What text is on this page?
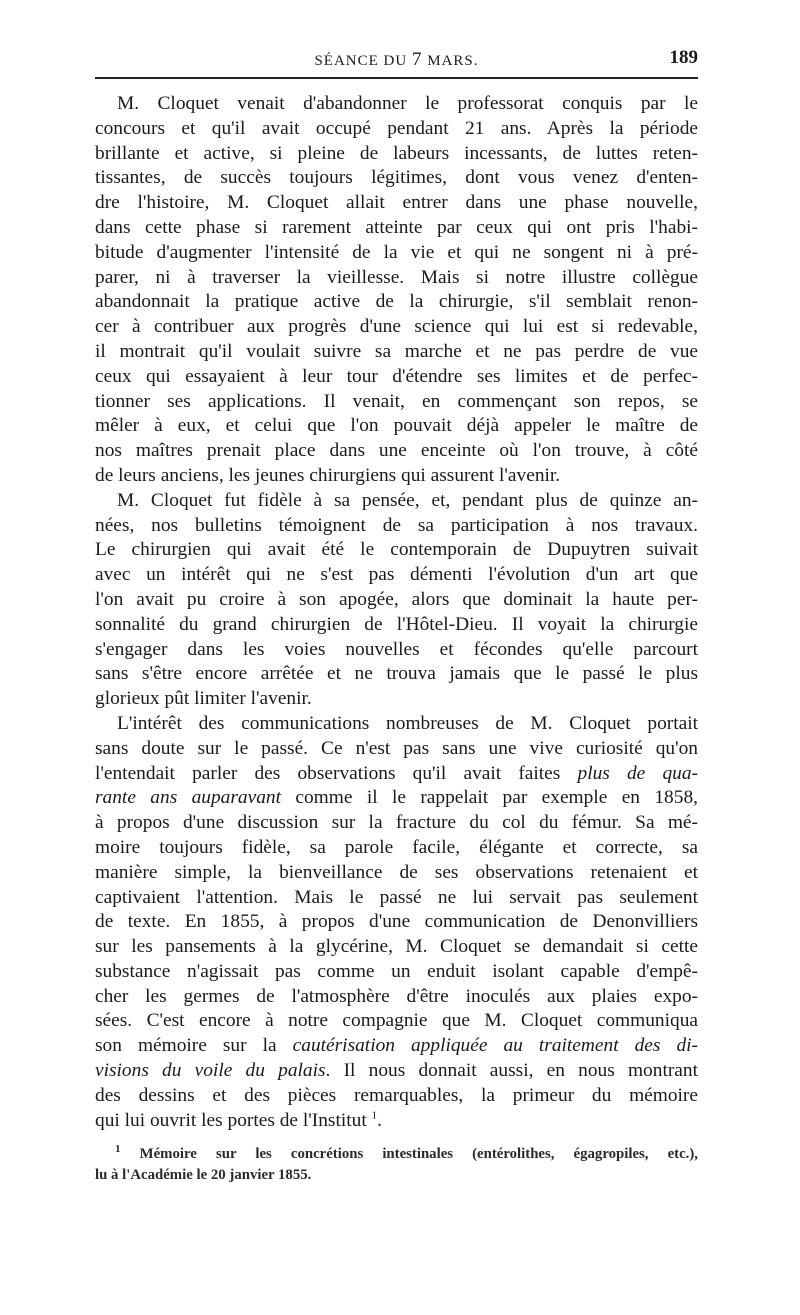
SÉANCE DU 7 MARS.	189
M. Cloquet venait d'abandonner le professorat conquis par le
concours et qu'il avait occupé pendant 21 ans. Après la période
brillante et active, si pleine de labeurs incessants, de luttes reten-
tissantes, de succès toujours légitimes, dont vous venez d'enten-
dre l'histoire, M. Cloquet allait entrer dans une phase nouvelle,
dans cette phase si rarement atteinte par ceux qui ont pris l'habi-
bitude d'augmenter l'intensité de la vie et qui ne songent ni à pré-
parer, ni à traverser la vieillesse. Mais si notre illustre collègue
abandonnait la pratique active de la chirurgie, s'il semblait renon-
cer à contribuer aux progrès d'une science qui lui est si redevable,
il montrait qu'il voulait suivre sa marche et ne pas perdre de vue
ceux qui essayaient à leur tour d'étendre ses limites et de perfec-
tionner ses applications. Il venait, en commençant son repos, se
mêler à eux, et celui que l'on pouvait déjà appeler le maître de
nos maîtres prenait place dans une enceinte où l'on trouve, à côté
de leurs anciens, les jeunes chirurgiens qui assurent l'avenir.
M. Cloquet fut fidèle à sa pensée, et, pendant plus de quinze an-
nées, nos bulletins témoignent de sa participation à nos travaux.
Le chirurgien qui avait été le contemporain de Dupuytren suivait
avec un intérêt qui ne s'est pas démenti l'évolution d'un art que
l'on avait pu croire à son apogée, alors que dominait la haute per-
sonnalité du grand chirurgien de l'Hôtel-Dieu. Il voyait la chirurgie
s'engager dans les voies nouvelles et fécondes qu'elle parcourt
sans s'être encore arrêtée et ne trouva jamais que le passé le plus
glorieux pût limiter l'avenir.
L'intérêt des communications nombreuses de M. Cloquet portait
sans doute sur le passé. Ce n'est pas sans une vive curiosité qu'on
l'entendait parler des observations qu'il avait faites plus de qua-
rante ans auparavant comme il le rappelait par exemple en 1858,
à propos d'une discussion sur la fracture du col du fémur. Sa mé-
moire toujours fidèle, sa parole facile, élégante et correcte, sa
manière simple, la bienveillance de ses observations retenaient et
captivaient l'attention. Mais le passé ne lui servait pas seulement
de texte. En 1855, à propos d'une communication de Denonvilliers
sur les pansements à la glycérine, M. Cloquet se demandait si cette
substance n'agissait pas comme un enduit isolant capable d'empê-
cher les germes de l'atmosphère d'être inoculés aux plaies expo-
sées. C'est encore à notre compagnie que M. Cloquet communiqua
son mémoire sur la cautérisation appliquée au traitement des di-
visions du voile du palais. Il nous donnait aussi, en nous montrant
des dessins et des pièces remarquables, la primeur du mémoire
qui lui ouvrit les portes de l'Institut $^1$.
$^1$ Mémoire sur les concrétions intestinales (entérolithes, égagropiles, etc.),
lu à l'Académie le 20 janvier 1855.
